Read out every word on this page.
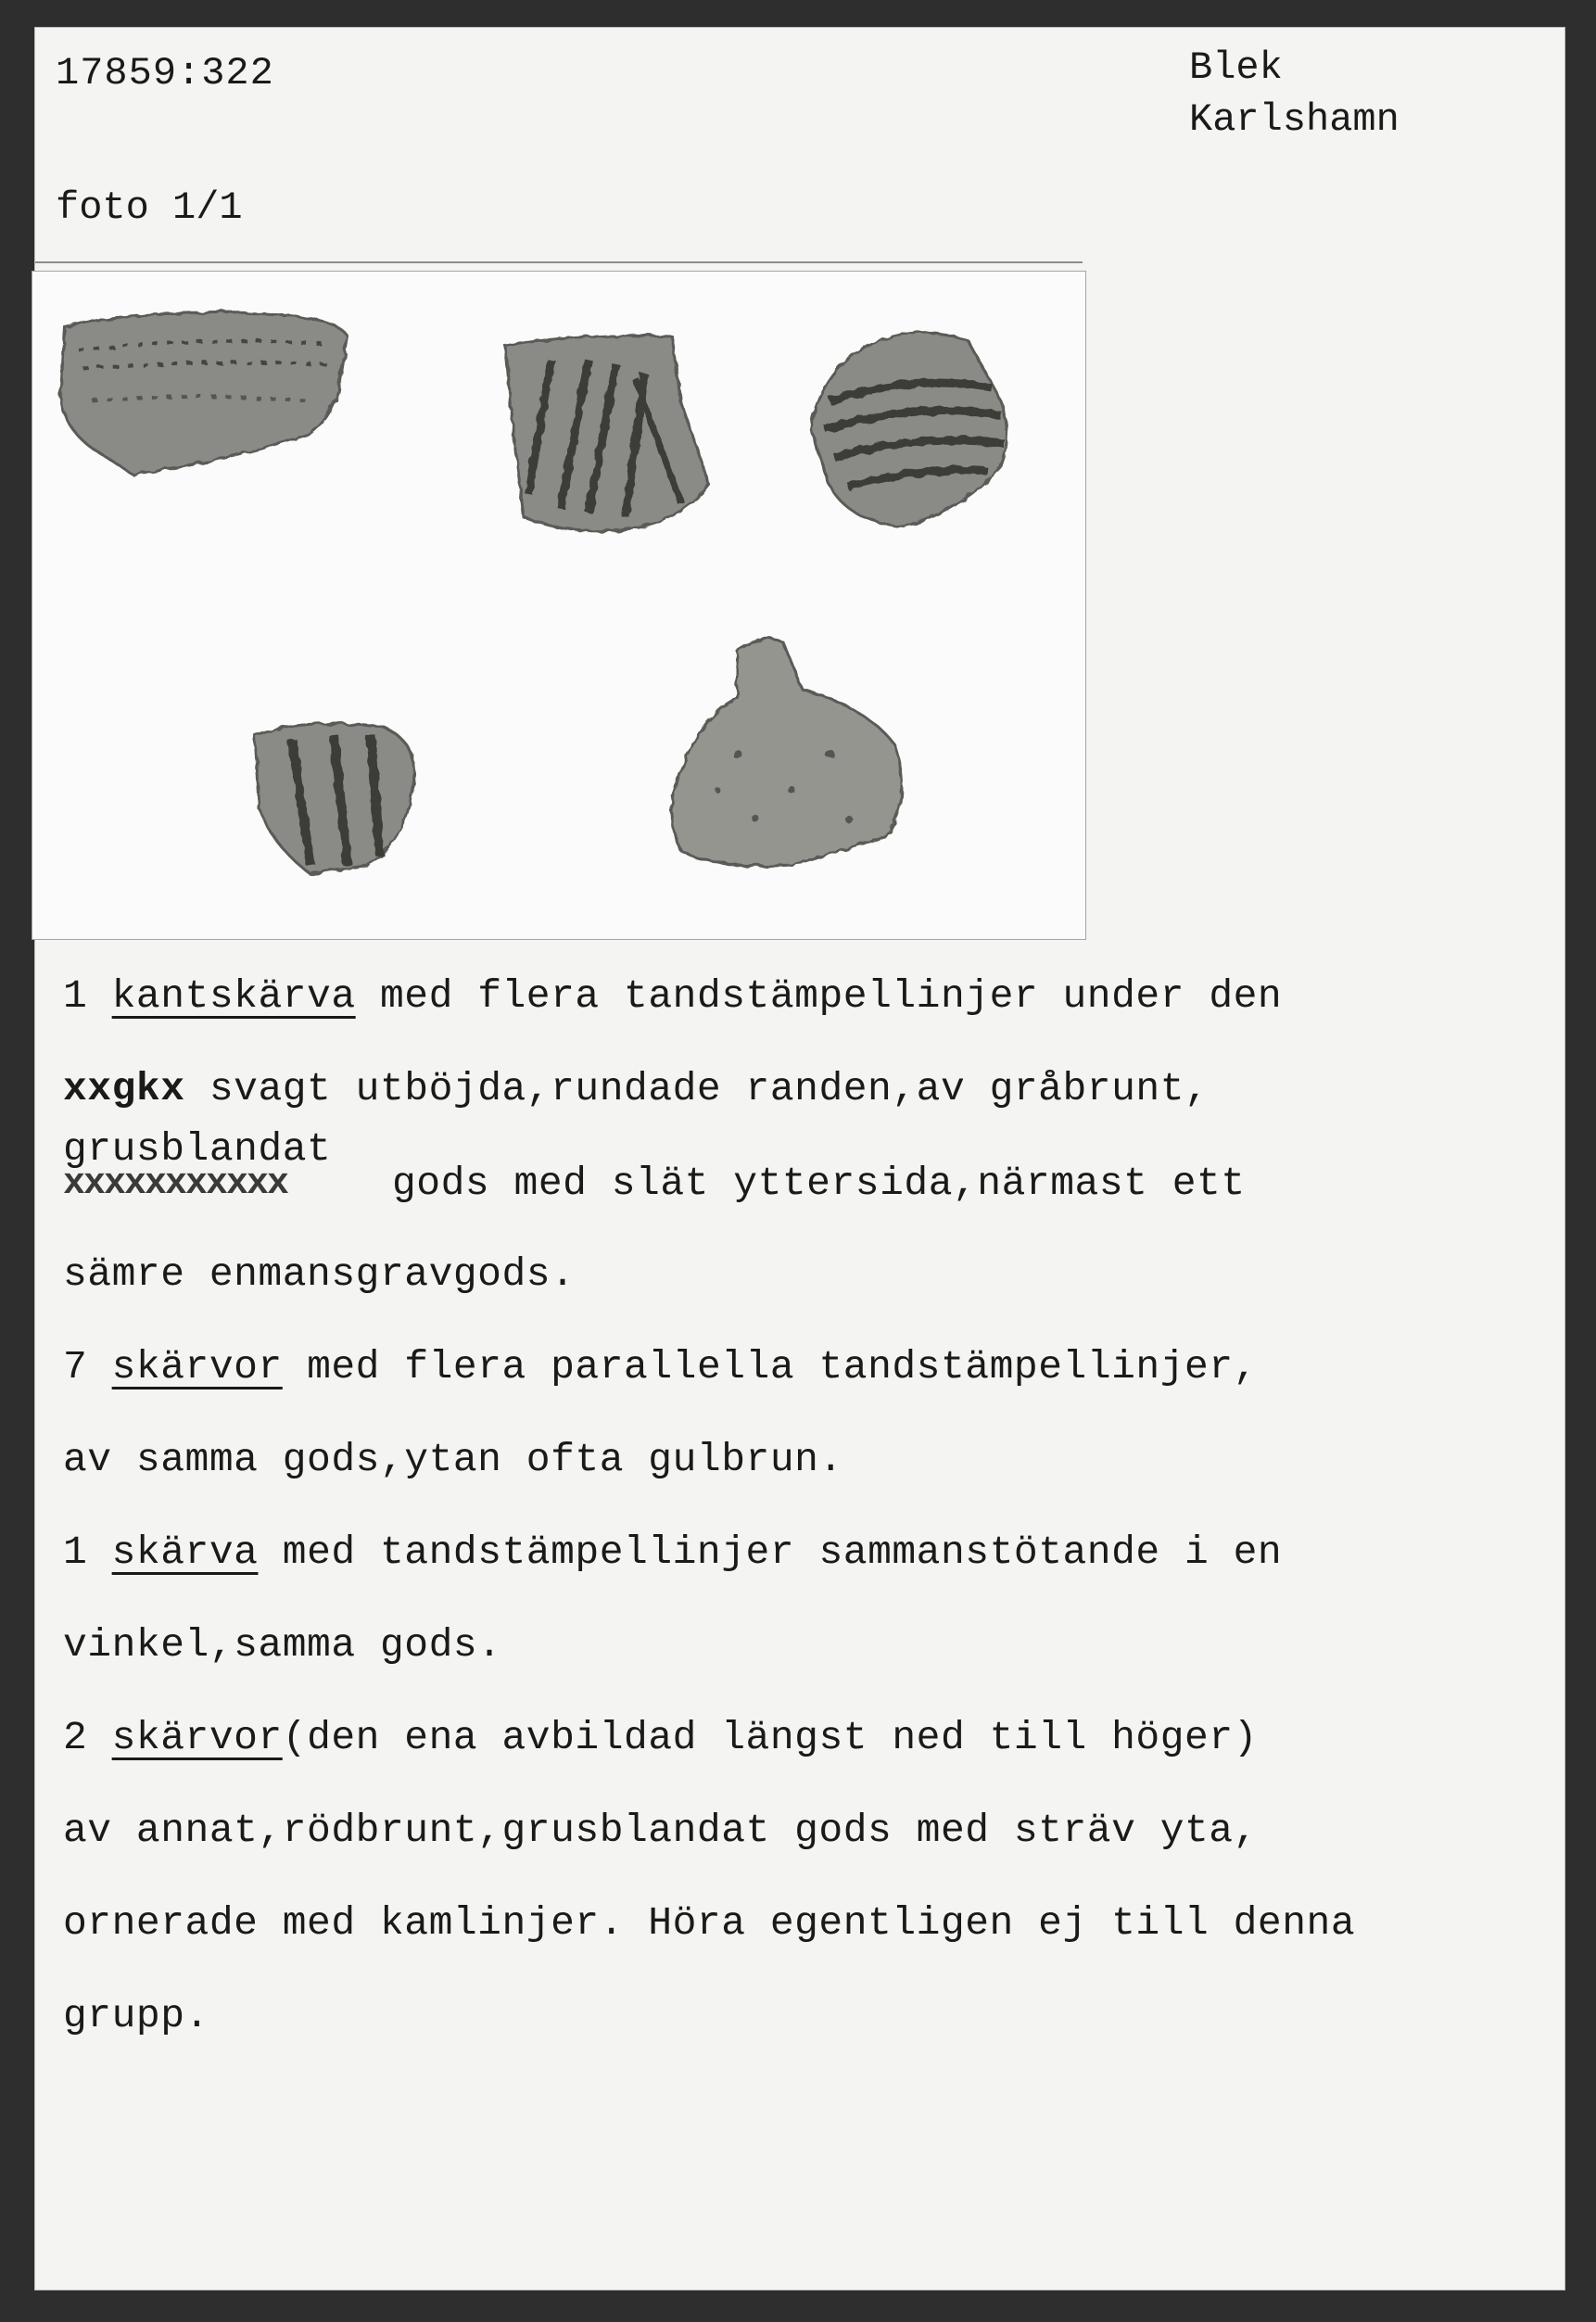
17859:322	Blek
Karlshamn
foto 1/1
1 kantskärva med flera tandstämpellinjer under den
xxgkx svagt utböjda,rundade randen,av gråbrunt,
grusblandat
xxxxxxxxxxx	gods med slät yttersida,närmast ett
sämre enmansgravgods.
7 skärvor med flera parallella tandstämpellinjer,
av samma gods,ytan ofta gulbrun.
1 skärva med tandstämpellinjer sammanstötande i en
vinkel,samma gods.
2 skärvor(den ena avbildad längst ned till höger)
av annat,rödbrunt,grusblandat gods med sträv yta,
ornerade med kamlinjer. Höra egentligen ej till denna
grupp.
